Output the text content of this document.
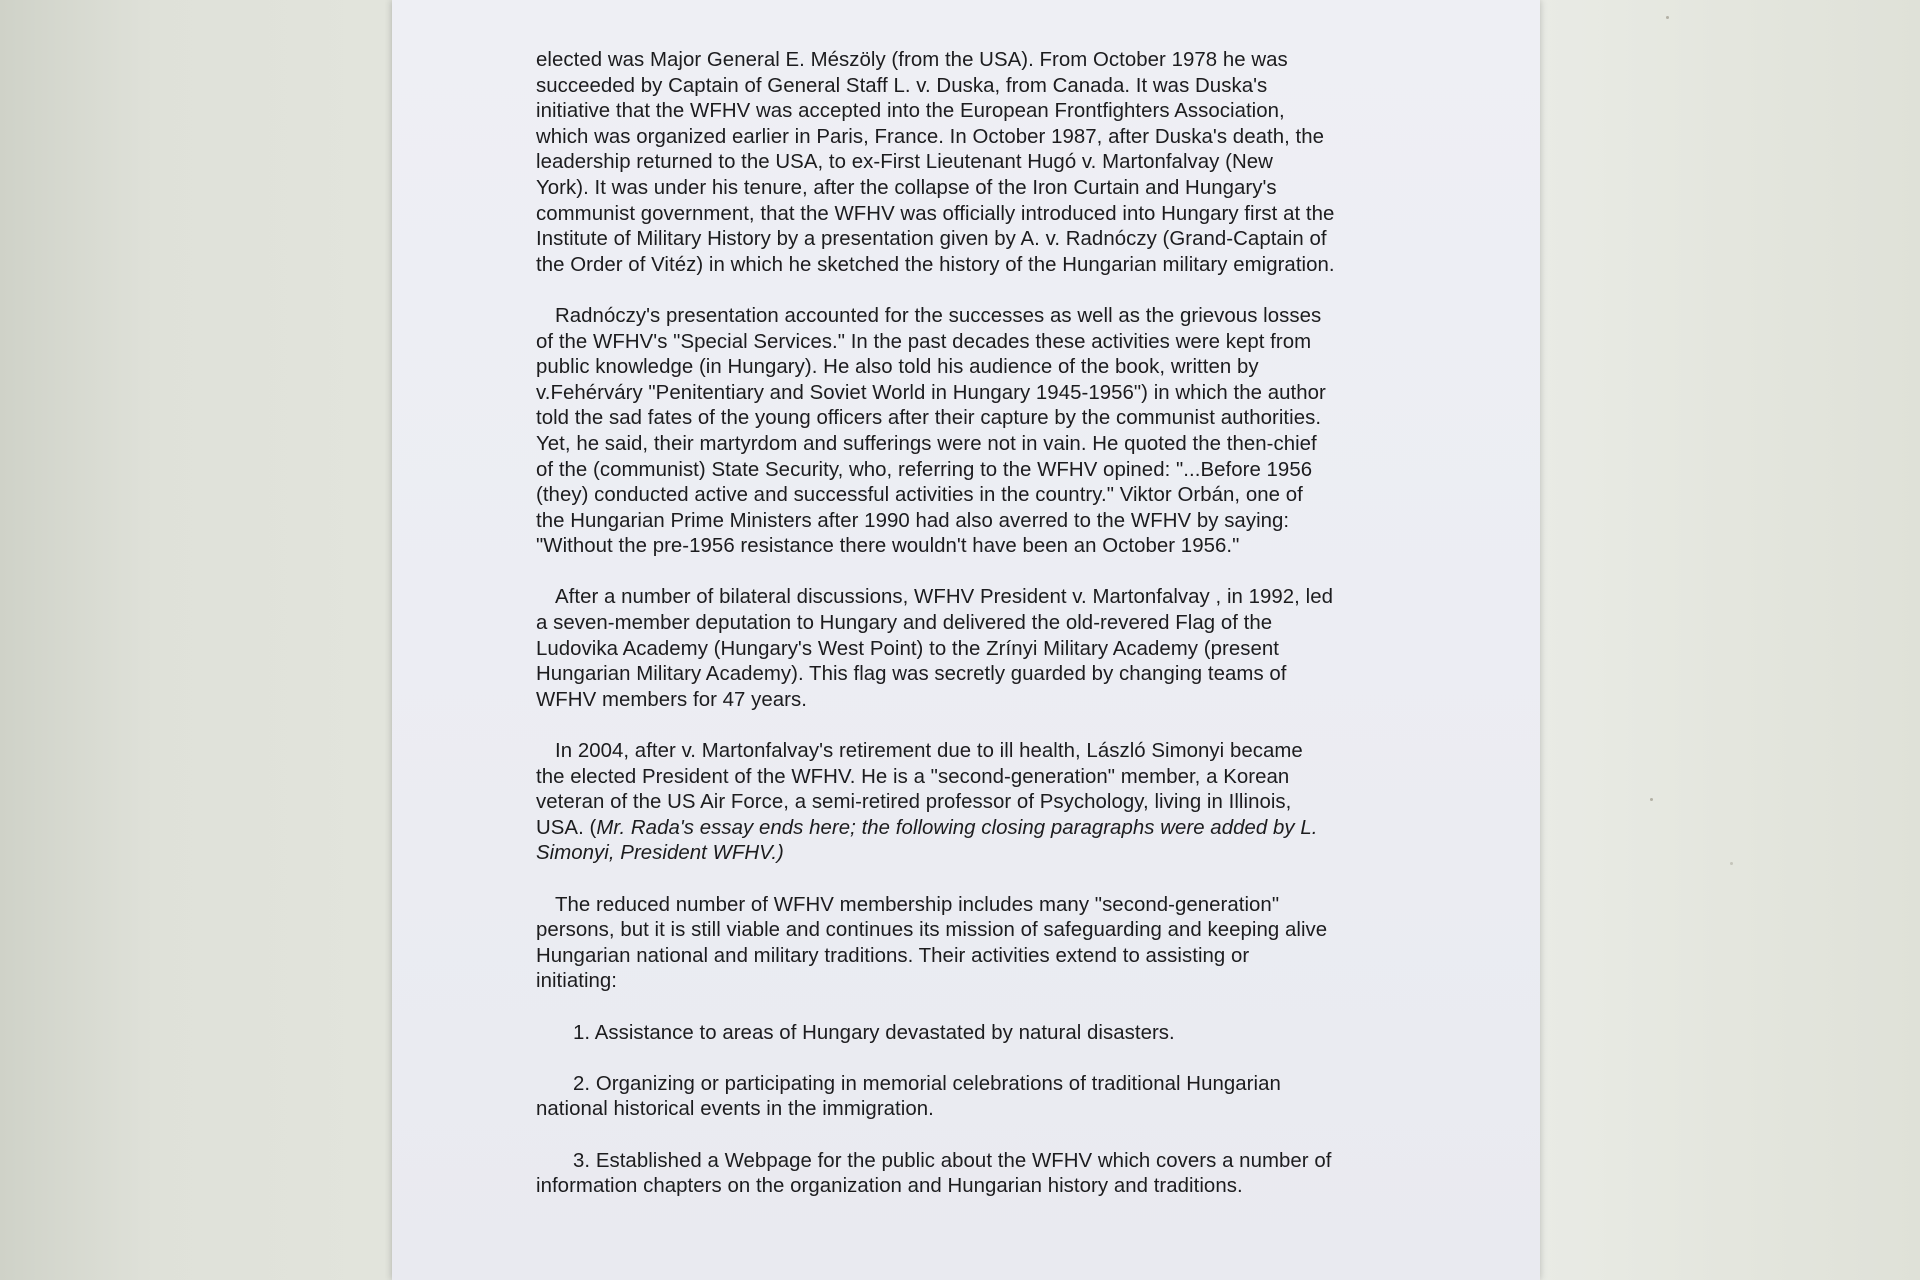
elected was Major General E. Mészöly (from the USA). From October 1978 he was
succeeded by Captain of General Staff L. v. Duska, from Canada. It was Duska's
initiative that the WFHV was accepted into the European Frontfighters Association,
which was organized earlier in Paris, France. In October 1987, after Duska's death, the
leadership returned to the USA, to ex-First Lieutenant Hugó v. Martonfalvay (New
York). It was under his tenure, after the collapse of the Iron Curtain and Hungary's
communist government, that the WFHV was officially introduced into Hungary first at the
Institute of Military History by a presentation given by A. v. Radnóczy (Grand-Captain of
the Order of Vitéz) in which he sketched the history of the Hungarian military emigration.

Radnóczy's presentation accounted for the successes as well as the grievous losses
of the WFHV's "Special Services." In the past decades these activities were kept from
public knowledge (in Hungary). He also told his audience of the book, written by
v.Fehérváry "Penitentiary and Soviet World in Hungary 1945-1956") in which the author
told the sad fates of the young officers after their capture by the communist authorities.
Yet, he said, their martyrdom and sufferings were not in vain. He quoted the then-chief
of the (communist) State Security, who, referring to the WFHV opined: "...Before 1956
(they) conducted active and successful activities in the country." Viktor Orbán, one of
the Hungarian Prime Ministers after 1990 had also averred to the WFHV by saying:
"Without the pre-1956 resistance there wouldn't have been an October 1956."

After a number of bilateral discussions, WFHV President v. Martonfalvay , in 1992, led
a seven-member deputation to Hungary and delivered the old-revered Flag of the
Ludovika Academy (Hungary's West Point) to the Zrínyi Military Academy (present
Hungarian Military Academy). This flag was secretly guarded by changing teams of
WFHV members for 47 years.

In 2004, after v. Martonfalvay's retirement due to ill health, László Simonyi became
the elected President of the WFHV. He is a "second-generation" member, a Korean
veteran of the US Air Force, a semi-retired professor of Psychology, living in Illinois,
USA. (Mr. Rada's essay ends here; the following closing paragraphs were added by L.
Simonyi, President WFHV.)

The reduced number of WFHV membership includes many "second-generation"
persons, but it is still viable and continues its mission of safeguarding and keeping alive
Hungarian national and military traditions. Their activities extend to assisting or
initiating:

1. Assistance to areas of Hungary devastated by natural disasters.

2. Organizing or participating in memorial celebrations of traditional Hungarian
national historical events in the immigration.

3. Established a Webpage for the public about the WFHV which covers a number of
information chapters on the organization and Hungarian history and traditions.
